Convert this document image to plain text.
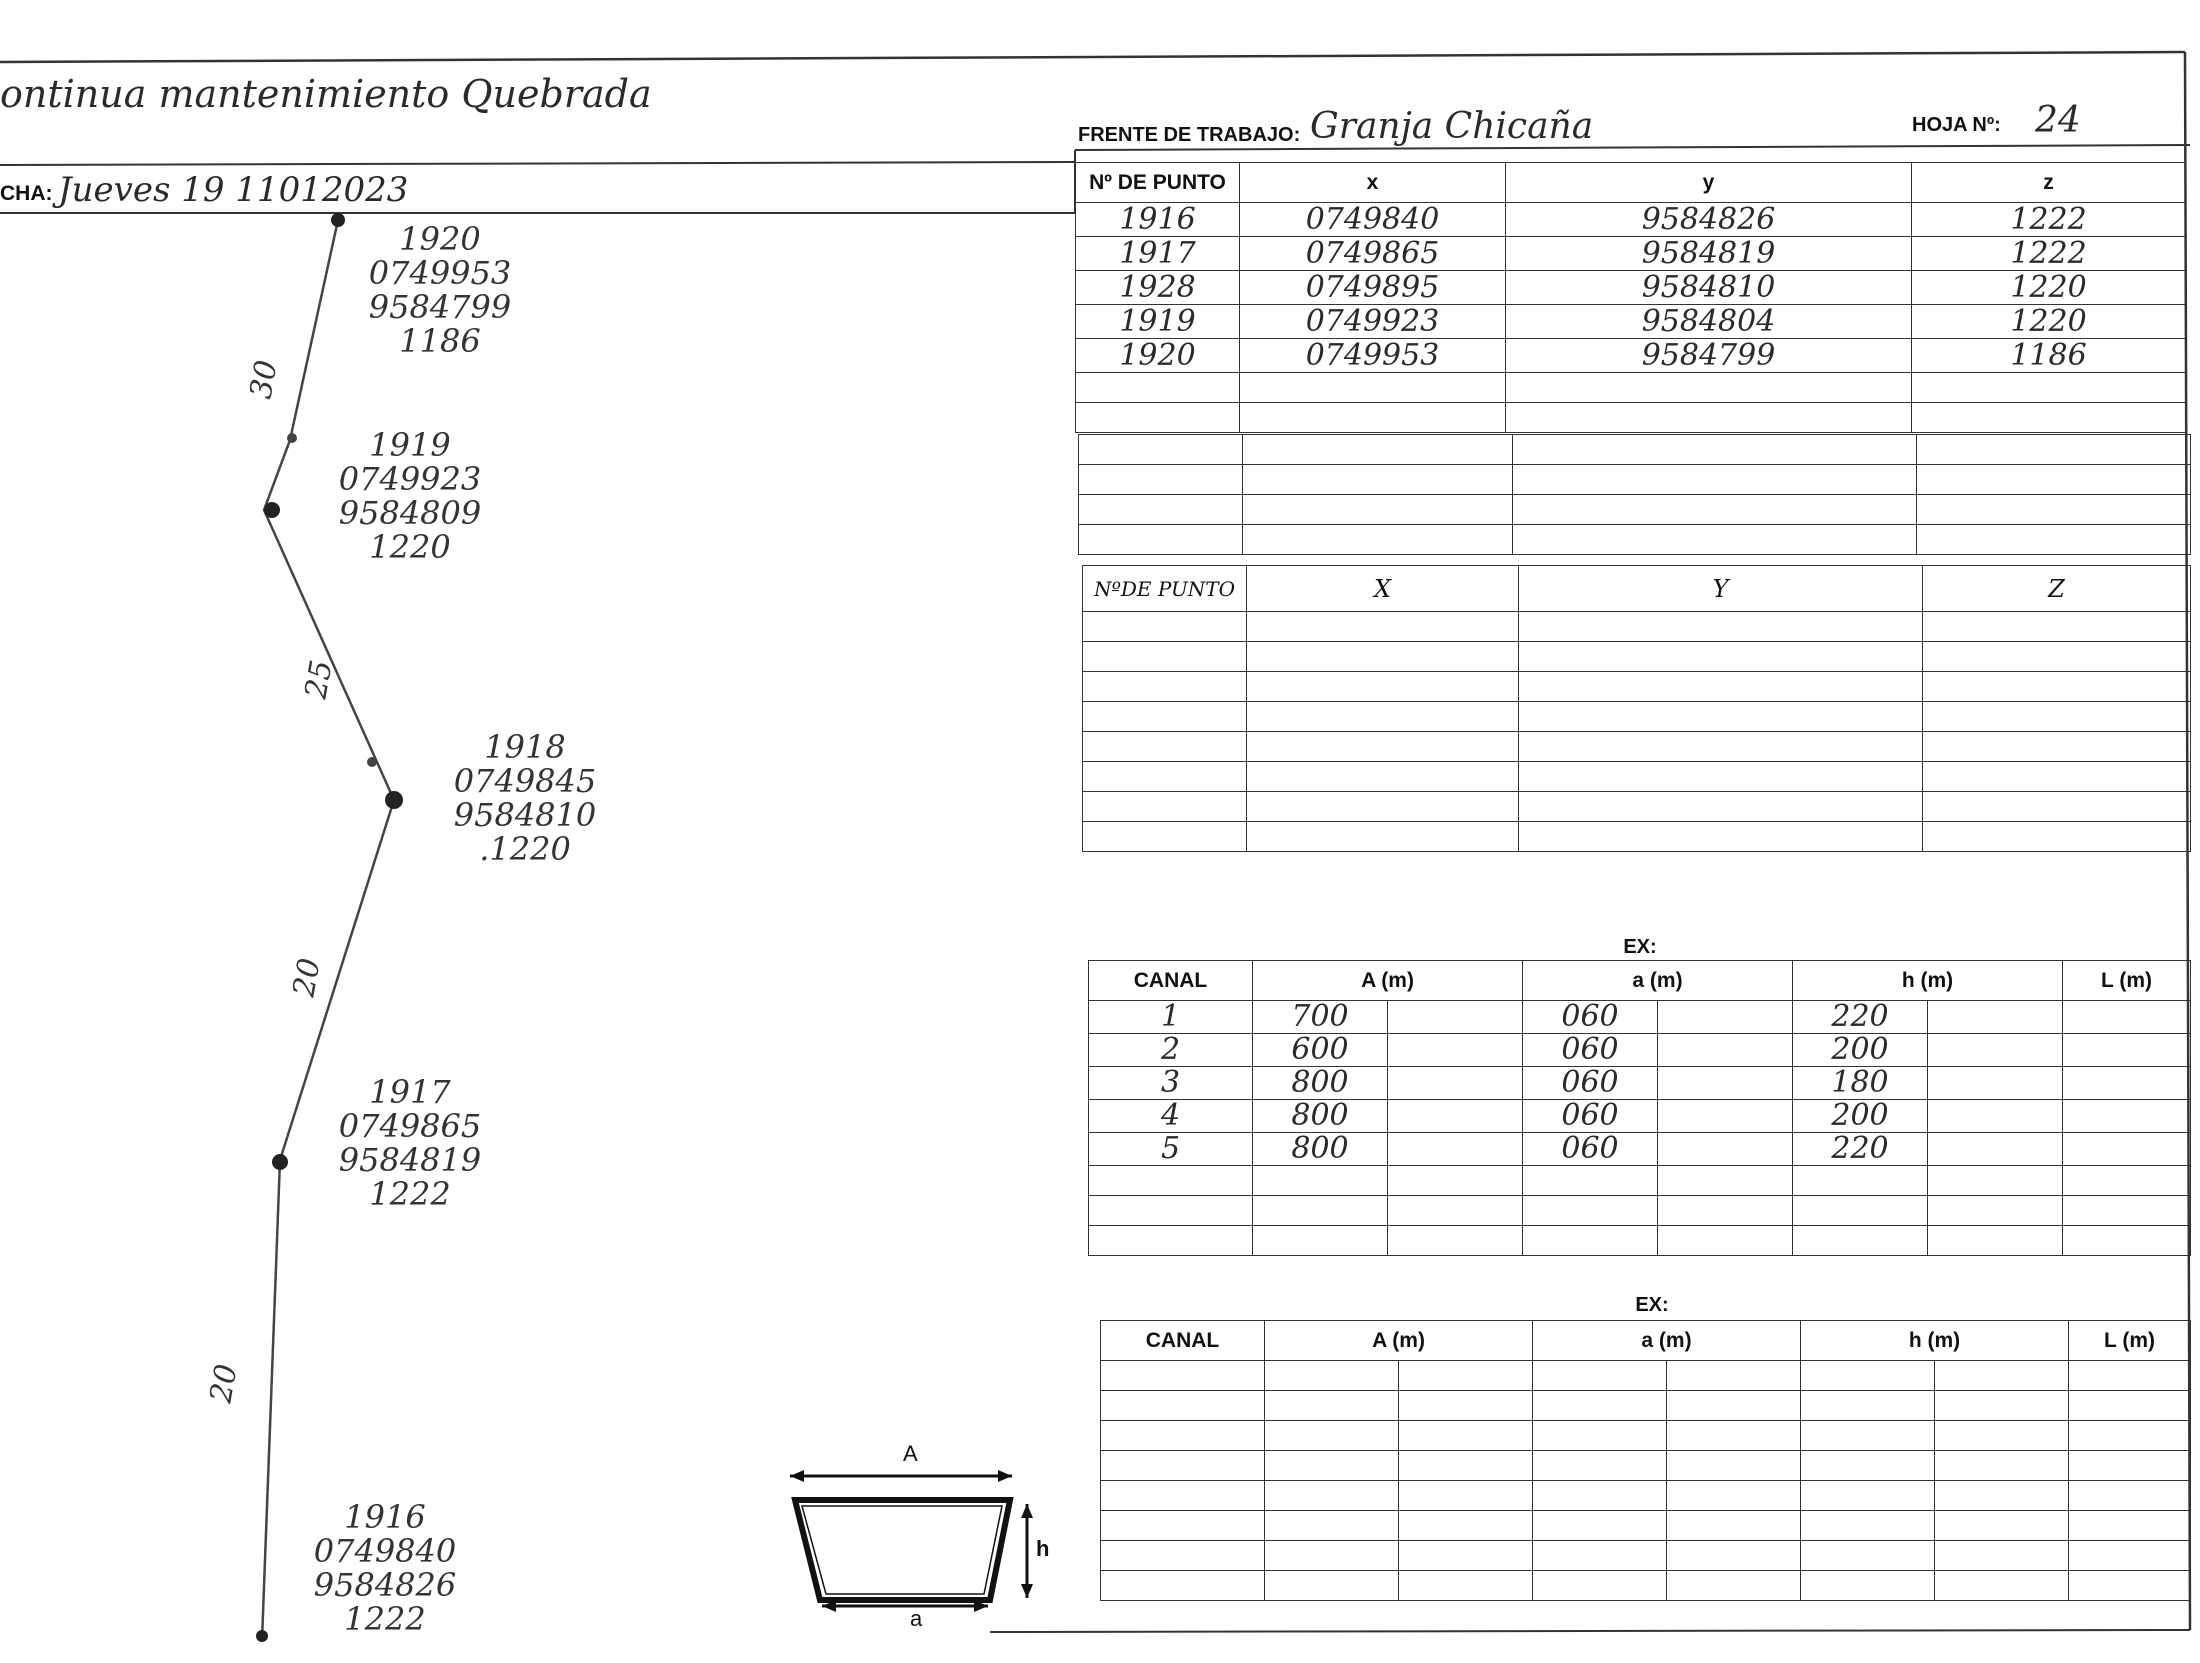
ontinua mantenimiento Quebrada
CHA: Jueves 19 11012023
FRENTE DE TRABAJO: Granja Chicaña	HOJA Nº: 24
1920
0749953
9584799
1186
1919
0749923
9584809
1220
1918
0749845
9584810
.1220
1917
0749865
9584819
1222
1916
0749840
9584826
1222
30
25
20
20
Nº DE PUNTO	x	y	z
1916	0749840	9584826	1222
1917	0749865	9584819	1222
1928	0749895	9584810	1220
1919	0749923	9584804	1220
1920	0749953	9584799	1186

NºDE PUNTO	X	Y	Z

EX:
CANAL	A (m)		a (m)		h (m)		L (m)
1	700		060		220		
2	600		060		200		
3	800		060		180		
4	800		060		200		
5	800		060		220		

EX:
CANAL	A (m)		a (m)		h (m)		L (m)

A
a
h
